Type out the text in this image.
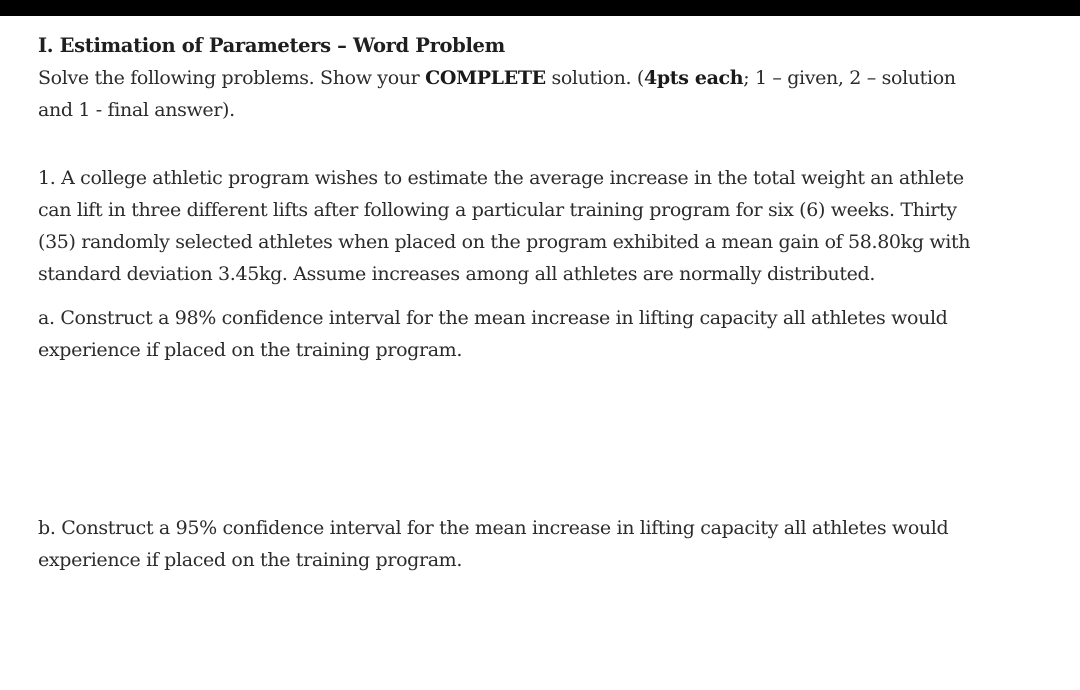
I. Estimation of Parameters – Word Problem
Solve the following problems. Show your COMPLETE solution. (4pts each; 1 – given, 2 – solution
and 1 - final answer).
1. A college athletic program wishes to estimate the average increase in the total weight an athlete
can lift in three different lifts after following a particular training program for six (6) weeks. Thirty
(35) randomly selected athletes when placed on the program exhibited a mean gain of 58.80kg with
standard deviation 3.45kg. Assume increases among all athletes are normally distributed.
a. Construct a 98% confidence interval for the mean increase in lifting capacity all athletes would
experience if placed on the training program.
b. Construct a 95% confidence interval for the mean increase in lifting capacity all athletes would
experience if placed on the training program.
